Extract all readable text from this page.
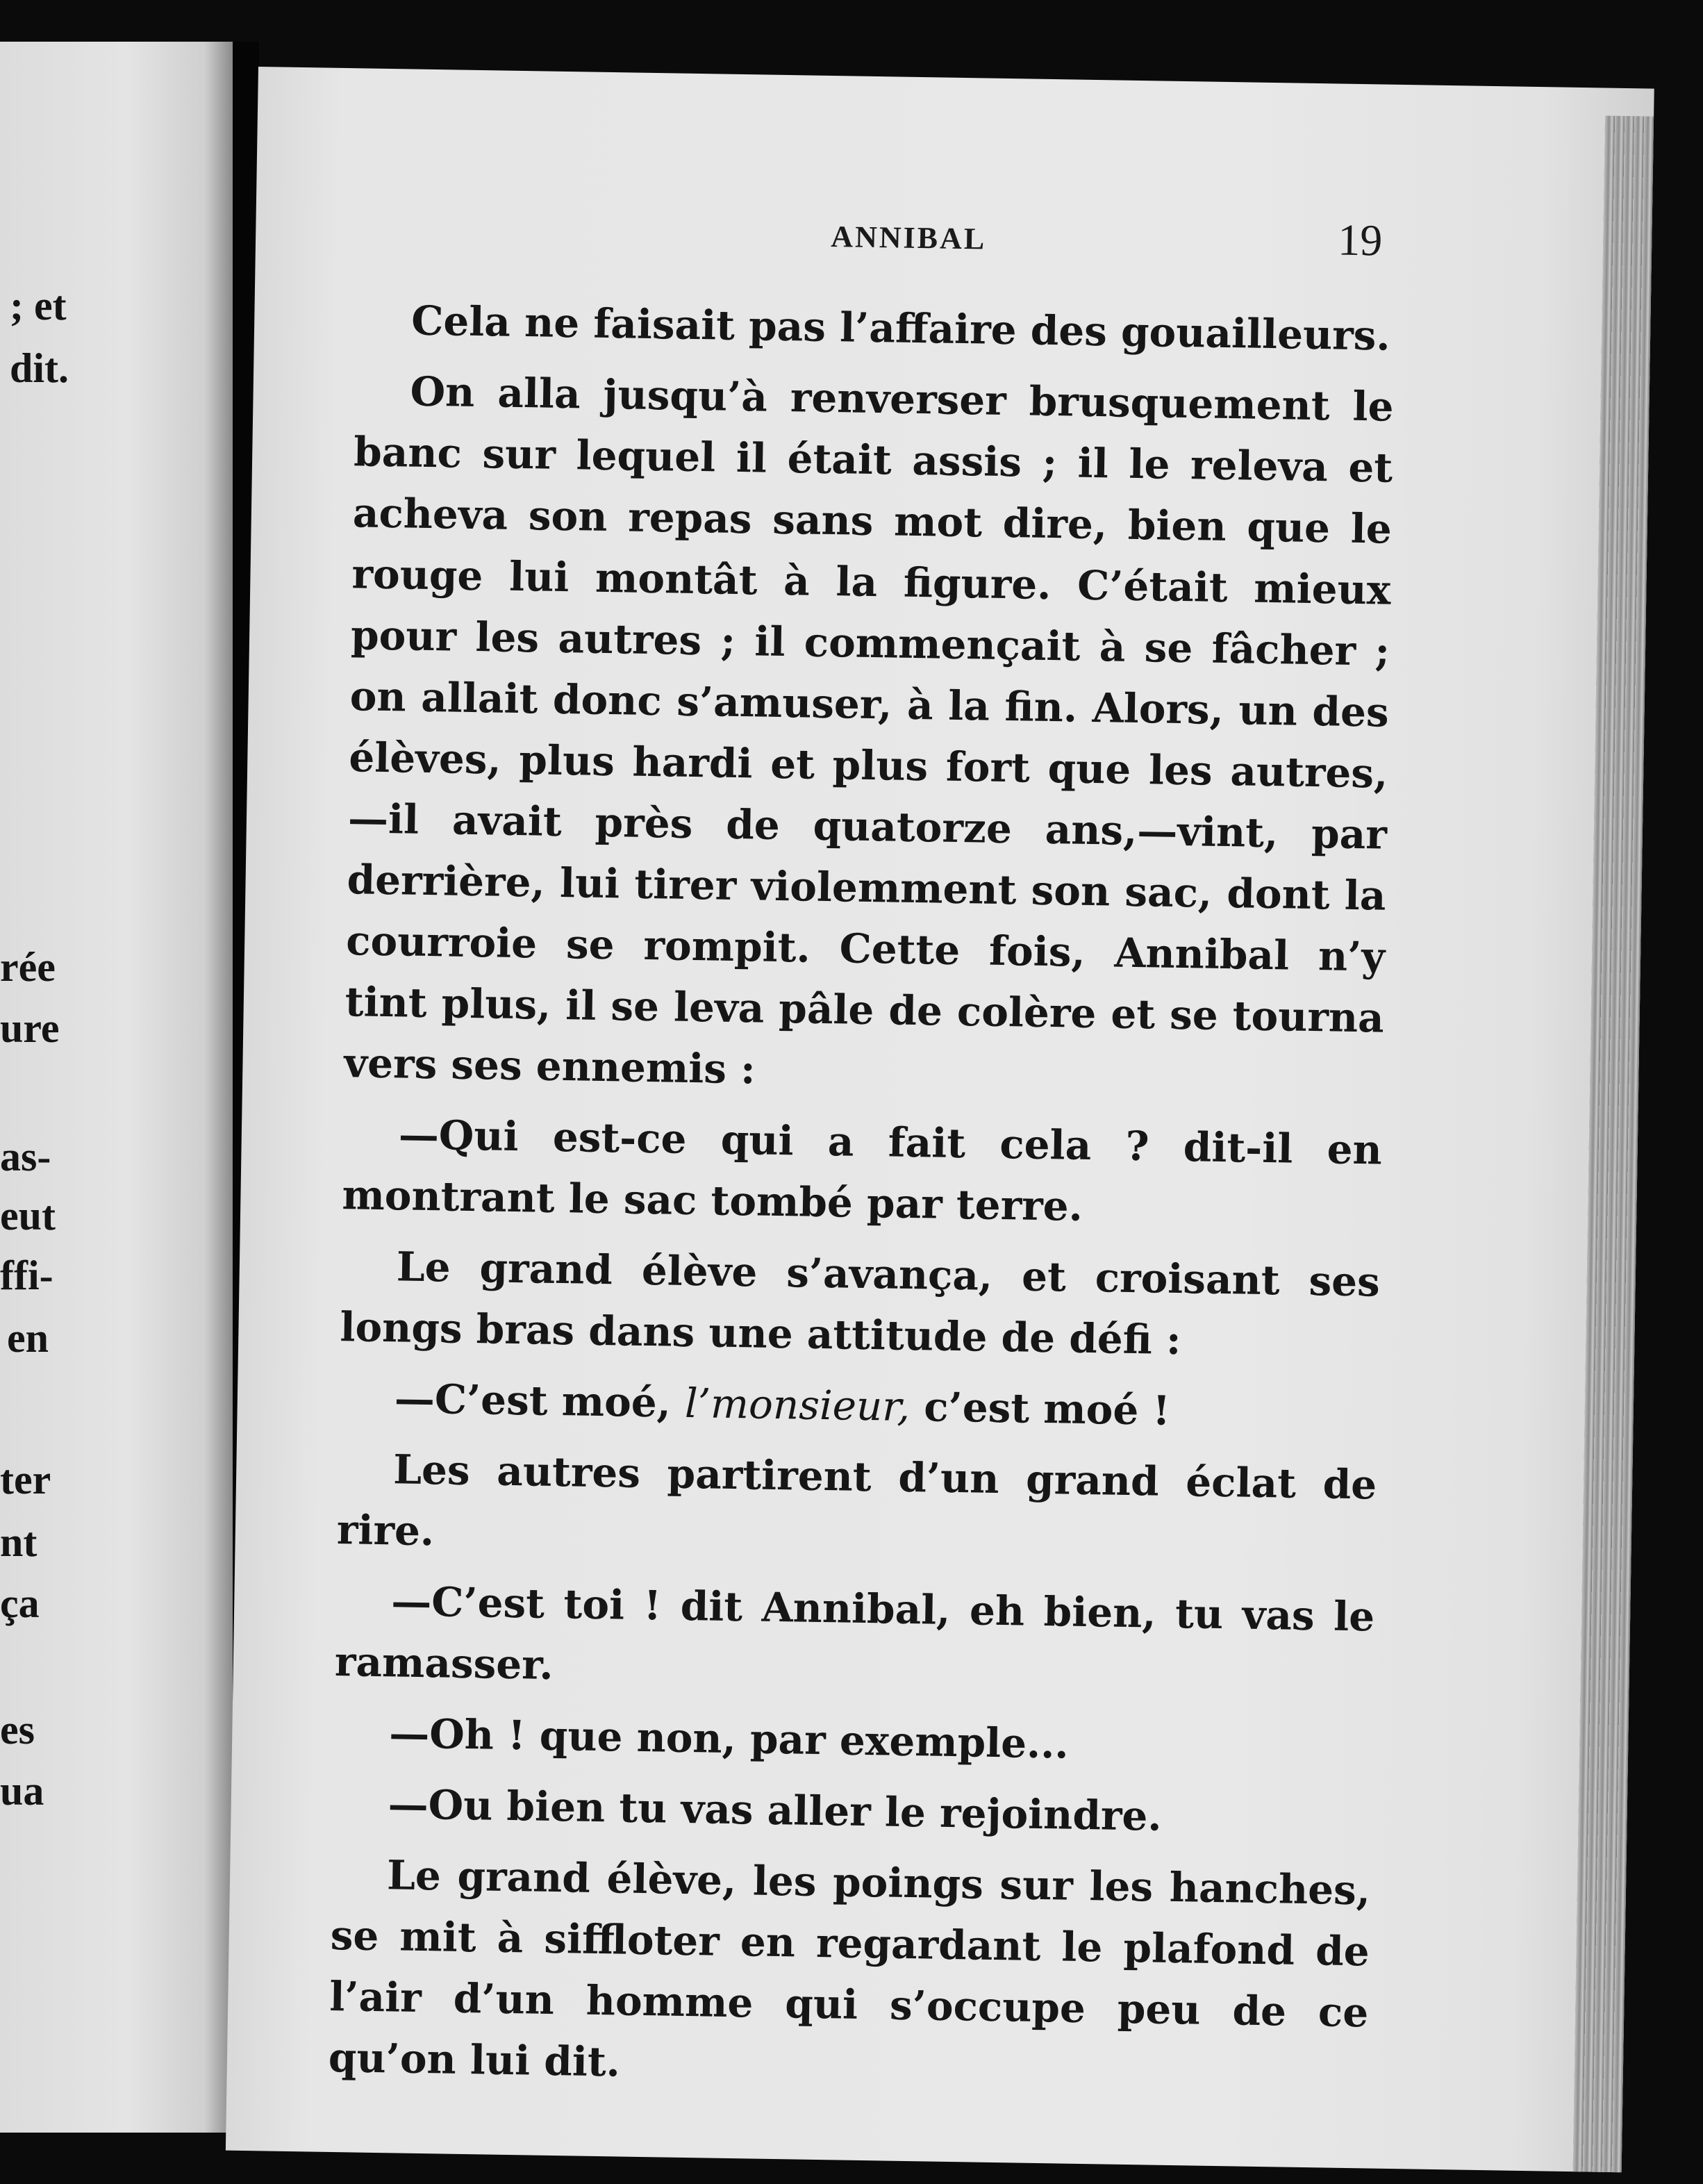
; et
dit.
rée
ure
as-
eut
ffi-
en
ter
nt
ça
es
ua
ANNIBAL	19

Cela ne faisait pas l’affaire des gouailleurs.

On alla jusqu’à renverser brusquement le banc sur lequel il était assis ; il le releva et acheva son repas sans mot dire, bien que le rouge lui montât à la figure. C’était mieux pour les autres ; il commençait à se fâcher ; on allait donc s’amuser, à la fin. Alors, un des élèves, plus hardi et plus fort que les autres,—il avait près de quatorze ans,—vint, par derrière, lui tirer violemment son sac, dont la courroie se rompit. Cette fois, Annibal n’y tint plus, il se leva pâle de colère et se tourna vers ses ennemis :

—Qui est-ce qui a fait cela ? dit-il en montrant le sac tombé par terre.

Le grand élève s’avança, et croisant ses longs bras dans une attitude de défi :

—C’est moé, l’monsieur, c’est moé !

Les autres partirent d’un grand éclat de rire.

—C’est toi ! dit Annibal, eh bien, tu vas le ramasser.

—Oh ! que non, par exemple...

—Ou bien tu vas aller le rejoindre.

Le grand élève, les poings sur les hanches, se mit à siffloter en regardant le plafond de l’air d’un homme qui s’occupe peu de ce qu’on lui dit.
